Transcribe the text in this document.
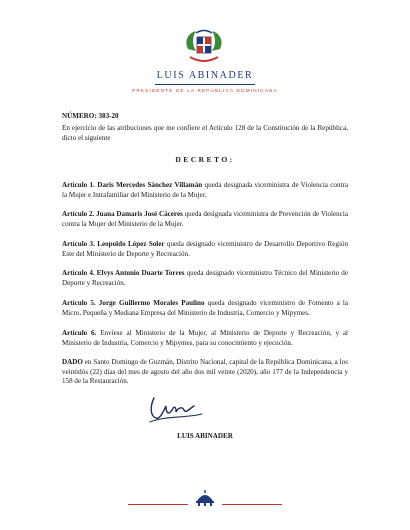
LUIS ABINADER
PRESIDENTE DE LA REPÚBLICA DOMINICANA
NÚMERO: 383-20
En ejercicio de las atribuciones que me confiere el Artículo 128 de la Constitución de la República, dicto el siguiente
DECRETO:
Artículo 1. Daris Mercedes Sánchez Villamán queda designada viceministra de Violencia contra la Mujer e Intrafamiliar del Ministerio de la Mujer.
Artículo 2. Juana Damaris José Cáceres queda designada viceministra de Prevención de Violencia contra la Mujer del Ministerio de la Mujer.
Artículo 3. Leopoldo López Soler queda designado viceministro de Desarrollo Deportivo Región Este del Ministerio de Deporte y Recreación.
Artículo 4. Elvys Antonio Duarte Torres queda designado viceministro Técnico del Ministerio de Deporte y Recreación.
Artículo 5. Jorge Guillermo Morales Paulino queda designado viceministro de Fomento a la Micro, Pequeña y Mediana Empresa del Ministerio de Industria, Comercio y Mipymes.
Artículo 6. Envíese al Ministerio de la Mujer, al Ministerio de Deporte y Recreación, y al Ministerio de Industria, Comercio y Mipymes, para su conocimiento y ejecución.
DADO en Santo Domingo de Guzmán, Distrito Nacional, capital de la República Dominicana, a los veintidós (22) días del mes de agosto del año dos mil veinte (2020), año 177 de la Independencia y 158 de la Restauración.
LUIS ABINADER
